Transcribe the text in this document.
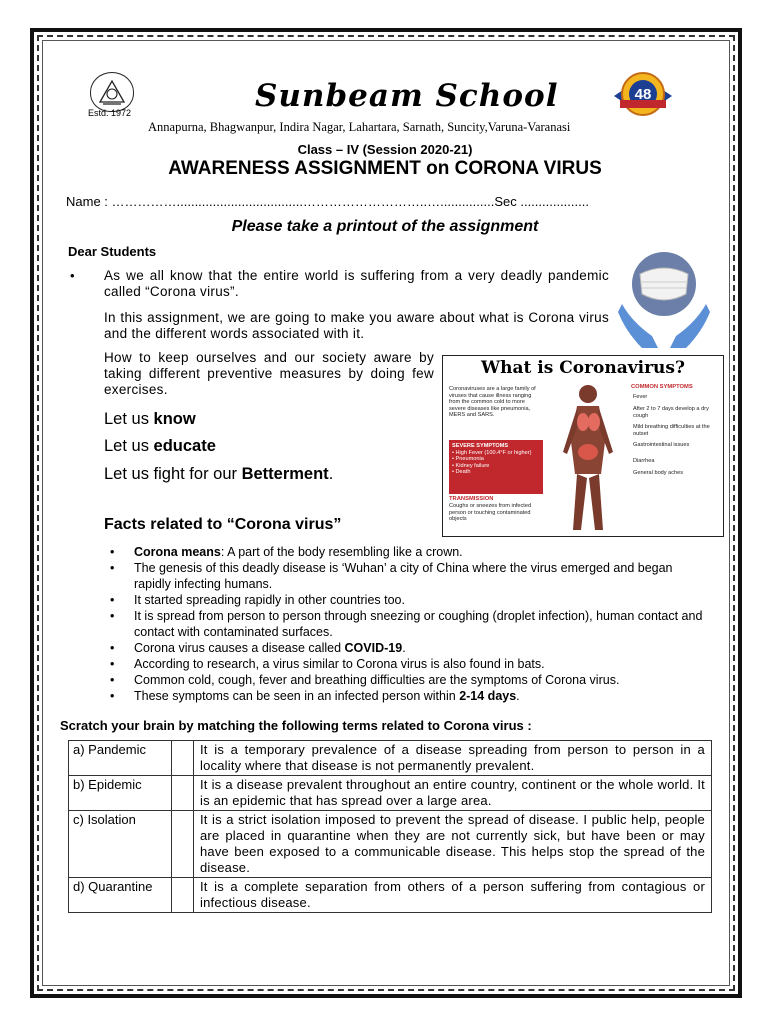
Estd. 1972	Sunbeam School
Annapurna, Bhagwanpur, Indira Nagar, Lahartara, Sarnath, Suncity,Varuna-Varanasi
48
Class – IV (Session 2020-21)
AWARENESS ASSIGNMENT on CORONA VIRUS
Name : ……………...................................………………………..…...............Sec ...................
Please take a printout of the assignment
Dear Students
• As we all know that the entire world is suffering from a very deadly pandemic called “Corona virus”.
In this assignment, we are going to make you aware about what is Corona virus and the different words associated with it.
How to keep ourselves and our society aware by taking different preventive measures by doing few exercises.
Let us know
Let us educate
Let us fight for our Betterment.
What is Coronavirus?
Coronaviruses are a large family of viruses that cause illness ranging from the common cold to more severe diseases like pneumonia, MERS and SARS.
SEVERE SYMPTOMS
• High Fever (100.4°F or higher)
• Pneumonia
• Kidney failure
• Death
TRANSMISSION
Coughs or sneezes from infected person or touching contaminated objects
COMMON SYMPTOMS
Fever
After 2 to 7 days develop a dry cough
Mild breathing difficulties at the outset
Gastrointestinal issues
Diarrhea
General body aches
Facts related to “Corona virus”
• Corona means: A part of the body resembling like a crown.
• The genesis of this deadly disease is ‘Wuhan’ a city of China where the virus emerged and began rapidly infecting humans.
• It started spreading rapidly in other countries too.
• It is spread from person to person through sneezing or coughing (droplet infection), human contact and contact with contaminated surfaces.
• Corona virus causes a disease called COVID-19.
• According to research, a virus similar to Corona virus is also found in bats.
• Common cold, cough, fever and breathing difficulties are the symptoms of Corona virus.
• These symptoms can be seen in an infected person within 2-14 days.
Scratch your brain by matching the following terms related to Corona virus :
a) Pandemic		It is a temporary prevalence of a disease spreading from person to person in a locality where that disease is not permanently prevalent.
b) Epidemic		It is a disease prevalent throughout an entire country, continent or the whole world. It is an epidemic that has spread over a large area.
c) Isolation		It is a strict isolation imposed to prevent the spread of disease. I public help, people are placed in quarantine when they are not currently sick, but have been or may have been exposed to a communicable disease. This helps stop the spread of the disease.
d) Quarantine		It is a complete separation from others of a person suffering from contagious or infectious disease.
